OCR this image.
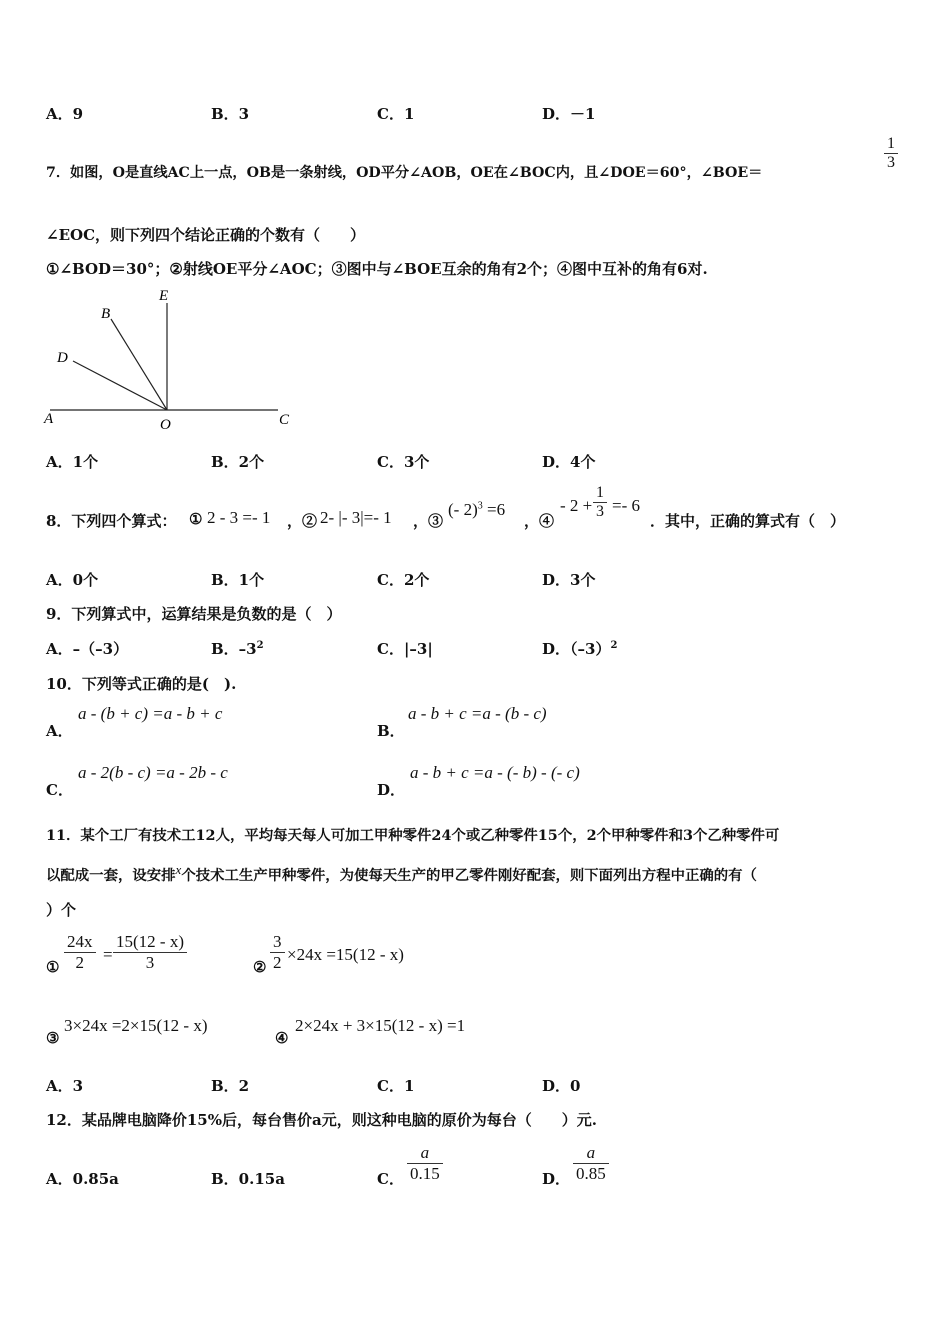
A．9	B．3	C．1	D．－1
7．如图，O是直线AC上一点，OB是一条射线，OD平分∠AOB，OE在∠BOC内，且∠DOE＝60°，∠BOE＝
$\frac{1}{3}$
∠EOC，则下列四个结论正确的个数有（　　）
①∠BOD＝30°；②射线OE平分∠AOC；③图中与∠BOE互余的角有2个；④图中互补的角有6对.
E
B
D
A	O	C
A．1个	B．2个	C．3个	D．4个
8．下列四个算式： ① 2 - 3 =- 1 ，② 2- |- 3|=- 1 ，③
(- 2)$^3$ =6
，④
- $2 + \frac{1}{3} =- 6$
．其中，正确的算式有（　）
A．0个	B．1个	C．2个	D．3个
9．下列算式中，运算结果是负数的是（　）
A．–（–3）	B．$-3^2$	C．|–3|	D．$(-3)^2$
10．下列等式正确的是(　).
A．
a - (b + c) =a - b + c
B．
a - b + c =a - (b - c)
C．
a - 2(b - c) =a - 2b - c
D．
a - b + c =a - (- b) - (- c)
11．某个工厂有技术工12人，平均每天每人可加工甲种零件24个或乙种零件15个，2个甲种零件和3个乙种零件可
以配成一套，设安排x个技术工生产甲种零件，为使每天生产的甲乙零件刚好配套，则下面列出方程中正确的有（
）个
① $\frac{24x}{2} = \frac{15(12 - x)}{3}$	② $\frac{3}{2} \times 24x =15(12 - x)$
③
3×24x =2×15(12 - x)
④
2×24x + 3×15(12 - x) =1
A．3	B．2	C．1	D．0
12．某品牌电脑降价15%后，每台售价a元，则这种电脑的原价为每台（　　）元.
A．0.85a	B．0.15a	C． $\frac{a}{0.15}$	D． $\frac{a}{0.85}$
